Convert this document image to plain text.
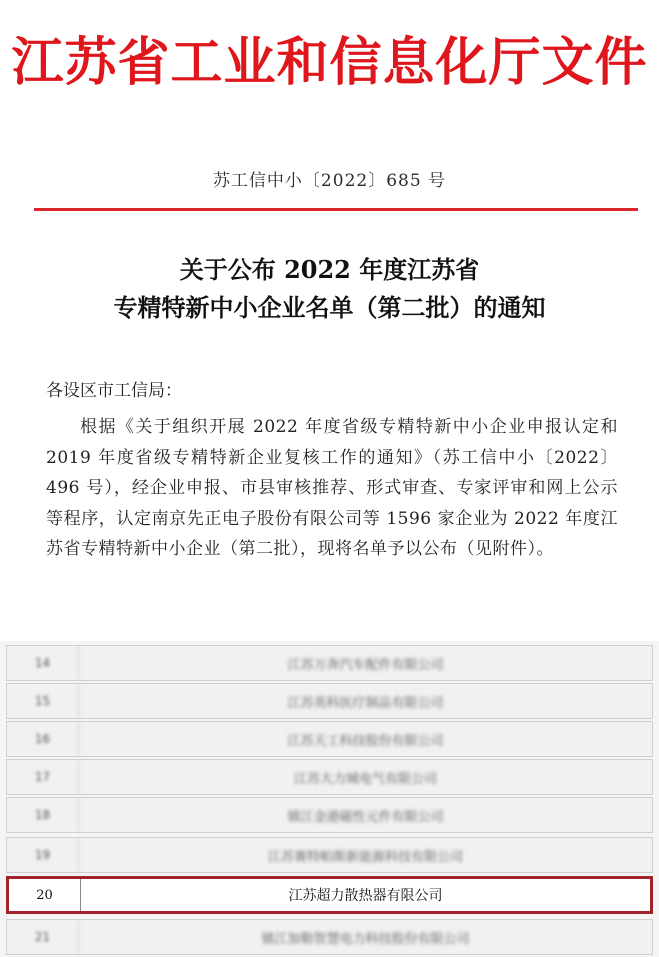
江苏省工业和信息化厅文件
苏工信中小〔2022〕685 号
关于公布 2022 年度江苏省
专精特新中小企业名单（第二批）的通知
各设区市工信局：
根据《关于组织开展 2022 年度省级专精特新中小企业申报认定和 2019 年度省级专精特新企业复核工作的通知》（苏工信中小〔2022〕496 号），经企业申报、市县审核推荐、形式审查、专家评审和网上公示等程序，认定南京先正电子股份有限公司等 1596 家企业为 2022 年度江苏省专精特新中小企业（第二批），现将名单予以公布（见附件）。
14	江苏万奔汽车配件有限公司
15	江苏英科医疗制品有限公司
16	江苏天工科技股份有限公司
17	江苏大力城电气有限公司
18	镇江金港磁性元件有限公司
19	江苏赛特帕斯新能源科技有限公司
20	江苏超力散热器有限公司
21	镇江加勒智慧电力科技股份有限公司
